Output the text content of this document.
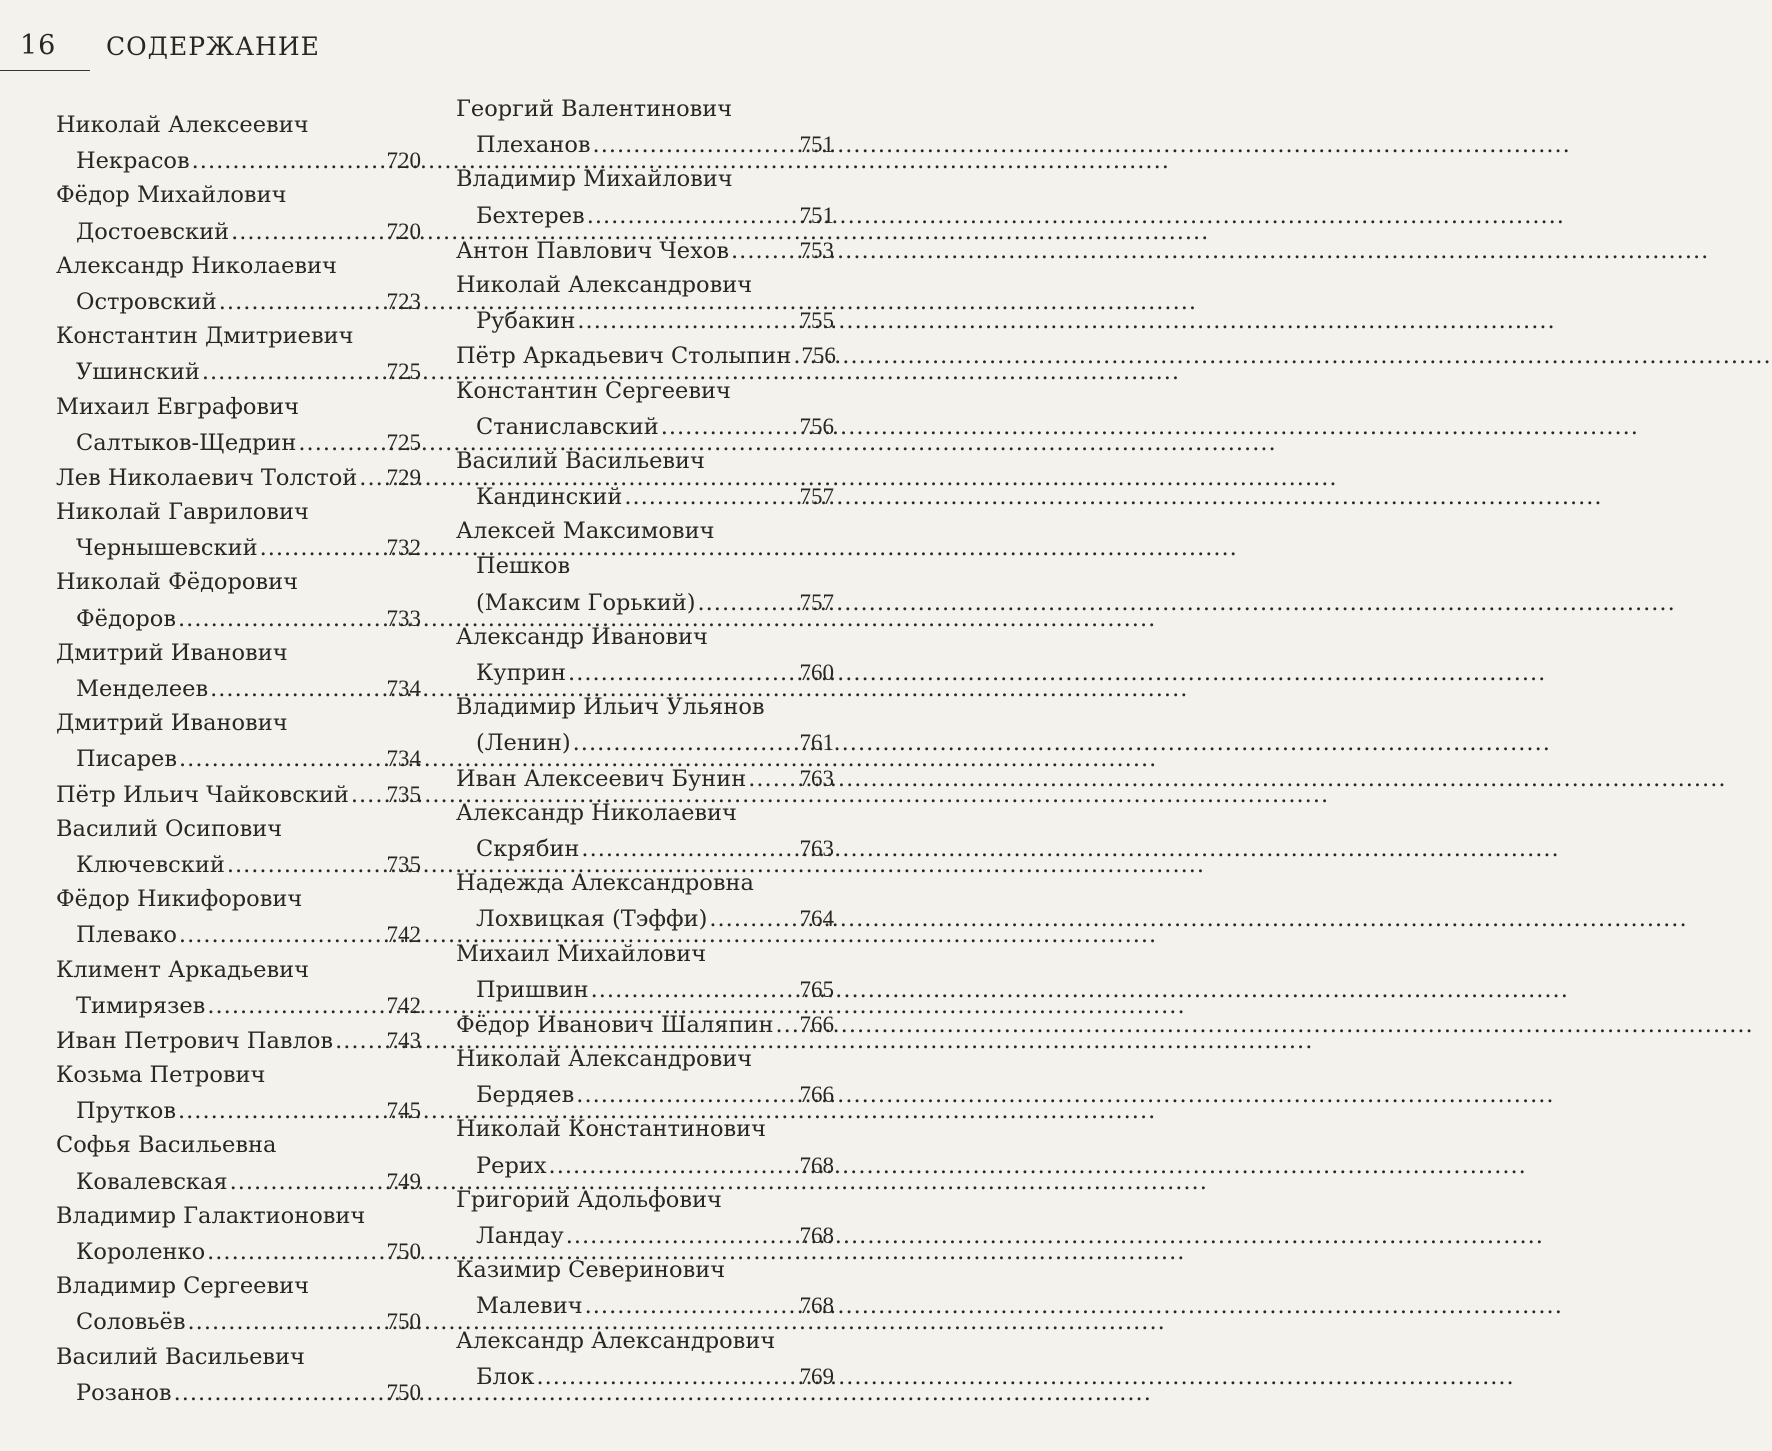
16 СОДЕРЖАНИЕ
Николай Алексеевич
Некрасов .....	720
Фёдор Михайлович
Достоевский .....	720
Александр Николаевич
Островский .....	723
Константин Дмитриевич
Ушинский .....	725
Михаил Евграфович
Салтыков-Щедрин .....	725
Лев Николаевич Толстой ..... 729
Николай Гаврилович
Чернышевский .....	732
Николай Фёдорович
Фёдоров .....	733
Дмитрий Иванович
Менделеев .....	734
Дмитрий Иванович
Писарев .....	734
Пётр Ильич Чайковский ..... 735
Василий Осипович
Ключевский .....	735
Фёдор Никифорович
Плевако .....	742
Климент Аркадьевич
Тимирязев .....	742
Иван Петрович Павлов ..... 743
Козьма Петрович
Прутков .....	745
Софья Васильевна
Ковалевская .....	749
Владимир Галактионович
Короленко .....	750
Владимир Сергеевич
Соловьёв .....	750
Василий Васильевич
Розанов .....	750
Георгий Валентинович
Плеханов .....	751
Владимир Михайлович
Бехтерев .....	751
Антон Павлович Чехов .....	753
Николай Александрович
Рубакин .....	755
Пётр Аркадьевич Столыпин ..... 756
Константин Сергеевич
Станиславский .....	756
Василий Васильевич
Кандинский .....	757
Алексей Максимович
Пешков
(Максим Горький) .....	757
Александр Иванович
Куприн .....	760
Владимир Ильич Ульянов
(Ленин) .....	761
Иван Алексеевич Бунин ..... 763
Александр Николаевич
Скрябин .....	763
Надежда Александровна
Лохвицкая (Тэффи) .....	764
Михаил Михайлович
Пришвин .....	765
Фёдор Иванович Шаляпин ..... 766
Николай Александрович
Бердяев .....	766
Николай Константинович
Рерих .....	768
Григорий Адольфович
Ландау .....	768
Казимир Северинович
Малевич .....	768
Александр Александрович
Блок .....	769
